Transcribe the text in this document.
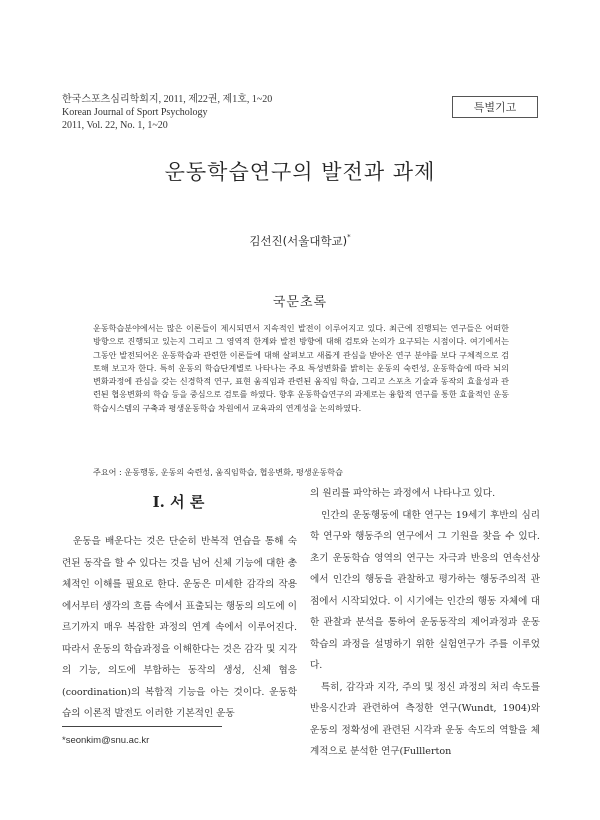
한국스포츠심리학회지, 2011, 제22권, 제1호, 1~20
Korean Journal of Sport Psychology
2011, Vol. 22, No. 1, 1~20
특별기고
운동학습연구의 발전과 과제
김선진(서울대학교)*
국문초록

운동학습분야에서는 많은 이론들이 제시되면서 지속적인 발전이 이루어지고 있다. 최근에 진행되는 연구들은 어떠한 방향으로 진행되고 있는지 그리고 그 영역적 한계와 발전 방향에 대해 검토와 논의가 요구되는 시점이다. 여기에서는 그동안 발전되어온 운동학습과 관련한 이론들에 대해 살펴보고 새롭게 관심을 받아온 연구 분야를 보다 구체적으로 검토해 보고자 한다. 특히 운동의 학습단계별로 나타나는 주요 특성변화를 밝히는 운동의 숙련성, 운동학습에 따라 뇌의 변화과정에 관심을 갖는 신경학적 연구, 표현 움직임과 관련된 움직임 학습, 그리고 스포츠 기술과 동작의 효율성과 관련된 협응변화의 학습 등을 중심으로 검토를 하였다. 향후 운동학습연구의 과제로는 융합적 연구를 통한 효율적인 운동학습시스템의 구축과 평생운동학습 차원에서 교육과의 연계성을 논의하였다.

주요어 : 운동행동, 운동의 숙련성, 움직임학습, 협응변화, 평생운동학습
I. 서 론

운동을 배운다는 것은 단순히 반복적 연습을 통해 숙련된 동작을 할 수 있다는 것을 넘어 신체 기능에 대한 총체적인 이해를 필요로 한다. 운동은 미세한 감각의 작용에서부터 생각의 흐름 속에서 표출되는 행동의 의도에 이르기까지 매우 복잡한 과정의 연계 속에서 이루어진다. 따라서 운동의 학습과정을 이해한다는 것은 감각 및 지각의 기능, 의도에 부합하는 동작의 생성, 신체 협응(coordination)의 복합적 기능을 아는 것이다. 운동학습의 이론적 발전도 이러한 기본적인 운동

의 원리를 파악하는 과정에서 나타나고 있다.

인간의 운동행동에 대한 연구는 19세기 후반의 심리학 연구와 행동주의 연구에서 그 기원을 찾을 수 있다. 초기 운동학습 영역의 연구는 자극과 반응의 연속선상에서 인간의 행동을 관찰하고 평가하는 행동주의적 관점에서 시작되었다. 이 시기에는 인간의 행동 자체에 대한 관찰과 분석을 통하여 운동동작의 제어과정과 운동학습의 과정을 설명하기 위한 실험연구가 주를 이루었다.

특히, 감각과 지각, 주의 및 정신 과정의 처리 속도를 반응시간과 관련하여 측정한 연구(Wundt, 1904)와 운동의 정확성에 관련된 시각과 운동 속도의 역할을 체계적으로 분석한 연구(Fulllerton

*seonkim@snu.ac.kr
